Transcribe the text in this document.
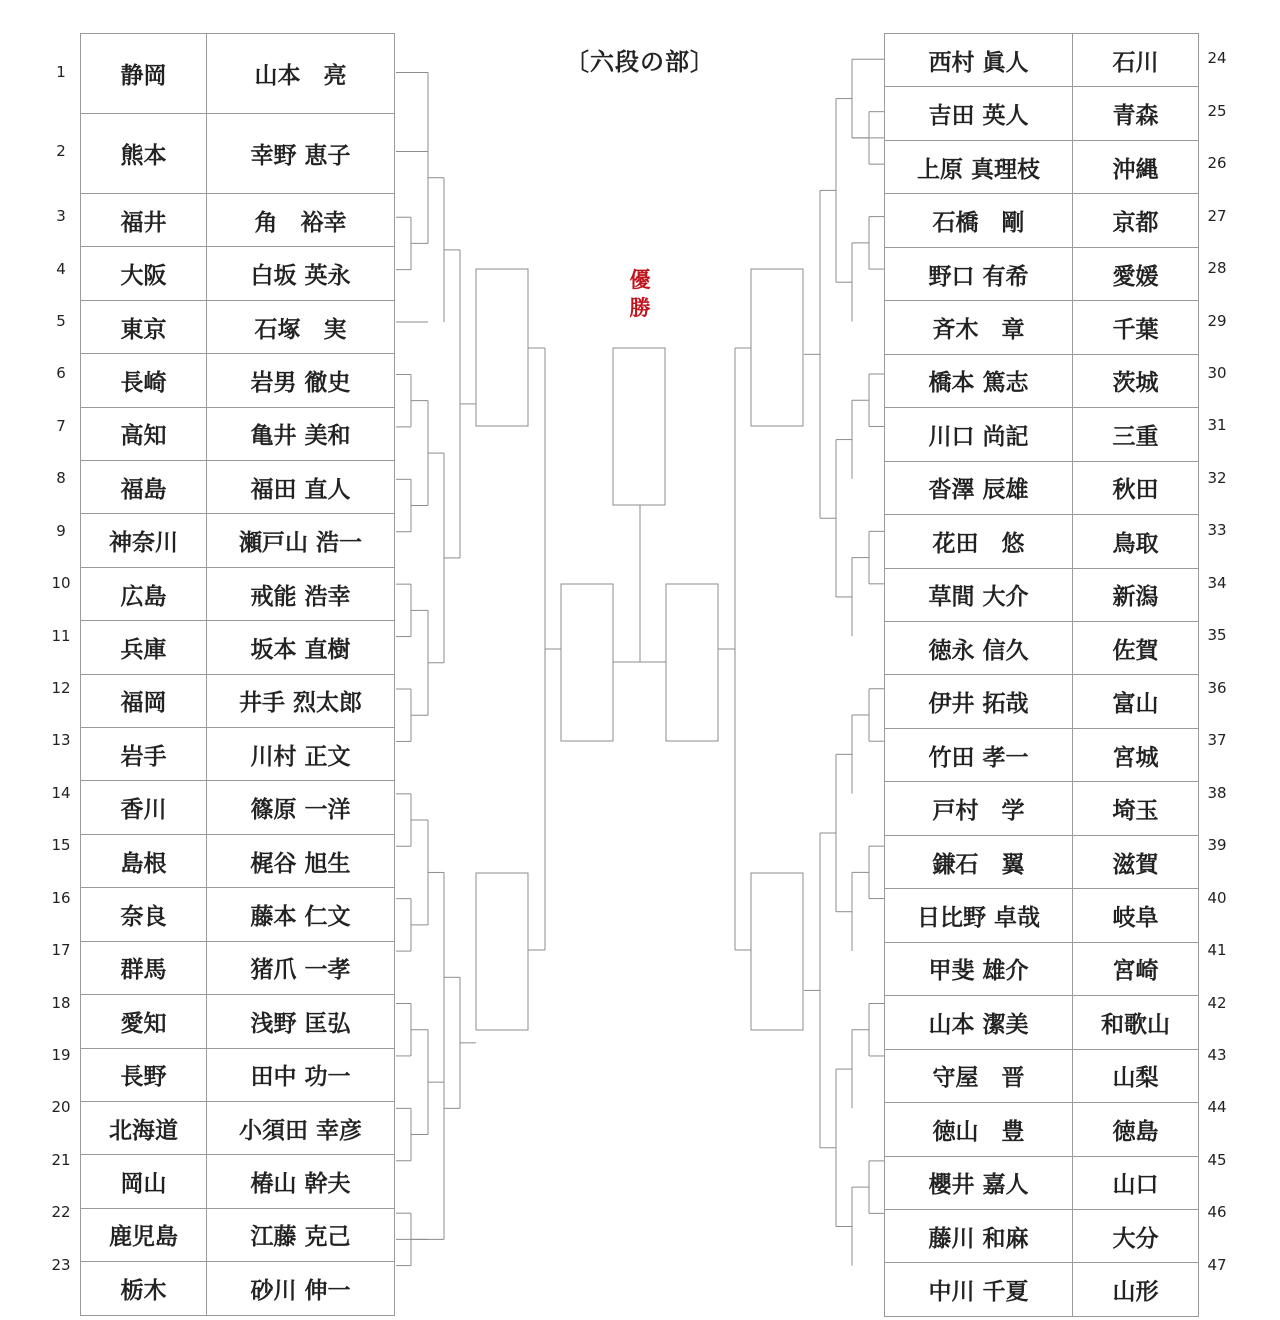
〔六段の部〕
優勝
静岡	山本　亮
熊本	幸野 恵子
福井	角　裕幸
大阪	白坂 英永
東京	石塚　実
長崎	岩男 徹史
高知	亀井 美和
福島	福田 直人
神奈川	瀬戸山 浩一
広島	戒能 浩幸
兵庫	坂本 直樹
福岡	井手 烈太郎
岩手	川村 正文
香川	篠原 一洋
島根	梶谷 旭生
奈良	藤本 仁文
群馬	猪爪 一孝
愛知	浅野 匡弘
長野	田中 功一
北海道	小須田 幸彦
岡山	椿山 幹夫
鹿児島	江藤 克己
栃木	砂川 伸一
西村 眞人	石川
吉田 英人	青森
上原 真理枝	沖縄
石橋　剛	京都
野口 有希	愛媛
斉木　章	千葉
橋本 篤志	茨城
川口 尚記	三重
沓澤 辰雄	秋田
花田　悠	鳥取
草間 大介	新潟
徳永 信久	佐賀
伊井 拓哉	富山
竹田 孝一	宮城
戸村　学	埼玉
鎌石　翼	滋賀
日比野 卓哉	岐阜
甲斐 雄介	宮崎
山本 潔美	和歌山
守屋　晋	山梨
徳山　豊	徳島
櫻井 嘉人	山口
藤川 和麻	大分
中川 千夏	山形
1
2
3
4
5
6
7
8
9
10
11
12
13
14
15
16
17
18
19
20
21
22
23
24
25
26
27
28
29
30
31
32
33
34
35
36
37
38
39
40
41
42
43
44
45
46
47
